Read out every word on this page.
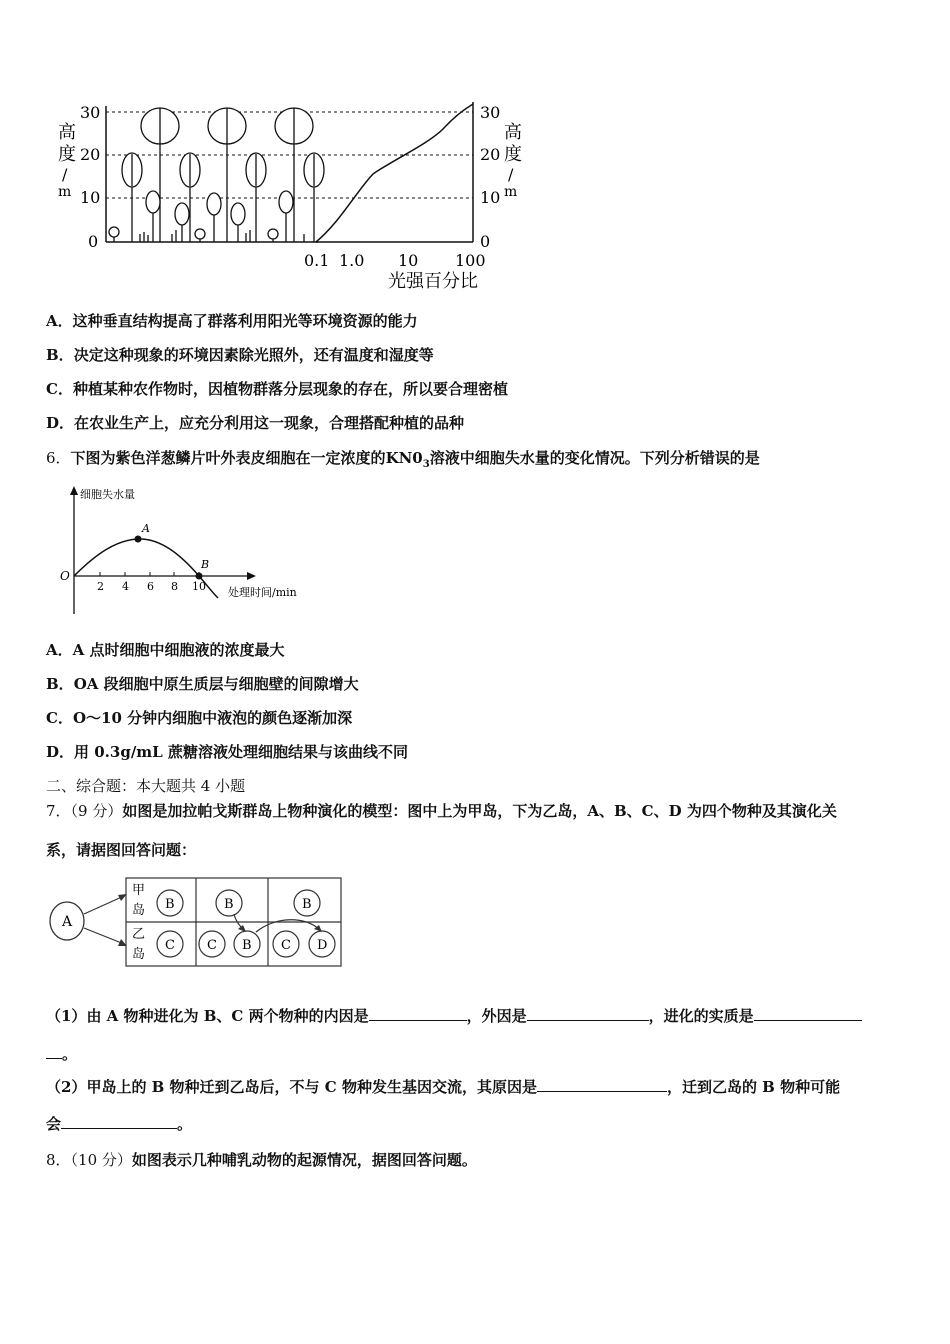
高
度
/
m
30
20
10
0
30
20
10
0
高
度
/
m
0.1 1.0 10 100
光强百分比
A．这种垂直结构提高了群落利用阳光等环境资源的能力
B．决定这种现象的环境因素除光照外，还有温度和湿度等
C．种植某种农作物时，因植物群落分层现象的存在，所以要合理密植
D．在农业生产上，应充分利用这一现象，合理搭配种植的品种
6．下图为紫色洋葱鳞片叶外表皮细胞在一定浓度的$KN0_3$溶液中细胞失水量的变化情况。下列分析错误的是
细胞失水量
O
2 4 6 8 10
A
B
处理时间/min
A．A 点时细胞中细胞液的浓度最大
B．OA 段细胞中原生质层与细胞壁的间隙增大
C．O～10 分钟内细胞中液泡的颜色逐渐加深
D．用 0.3g/mL 蔗糖溶液处理细胞结果与该曲线不同
二、综合题：本大题共 4 小题
7．（9 分）如图是加拉帕戈斯群岛上物种演化的模型：图中上为甲岛，下为乙岛，A、B、C、D 为四个物种及其演化关
系，请据图回答问题：
A
甲
岛
乙
岛
B	B	B
C C B C D
（1）由 A 物种进化为 B、C 两个物种的内因是	，外因是	，进化的实质是
。
（2）甲岛上的 B 物种迁到乙岛后，不与 C 物种发生基因交流，其原因是	，迁到乙岛的 B 物种可能
会	。
8．（10 分）如图表示几种哺乳动物的起源情况，据图回答问题。
